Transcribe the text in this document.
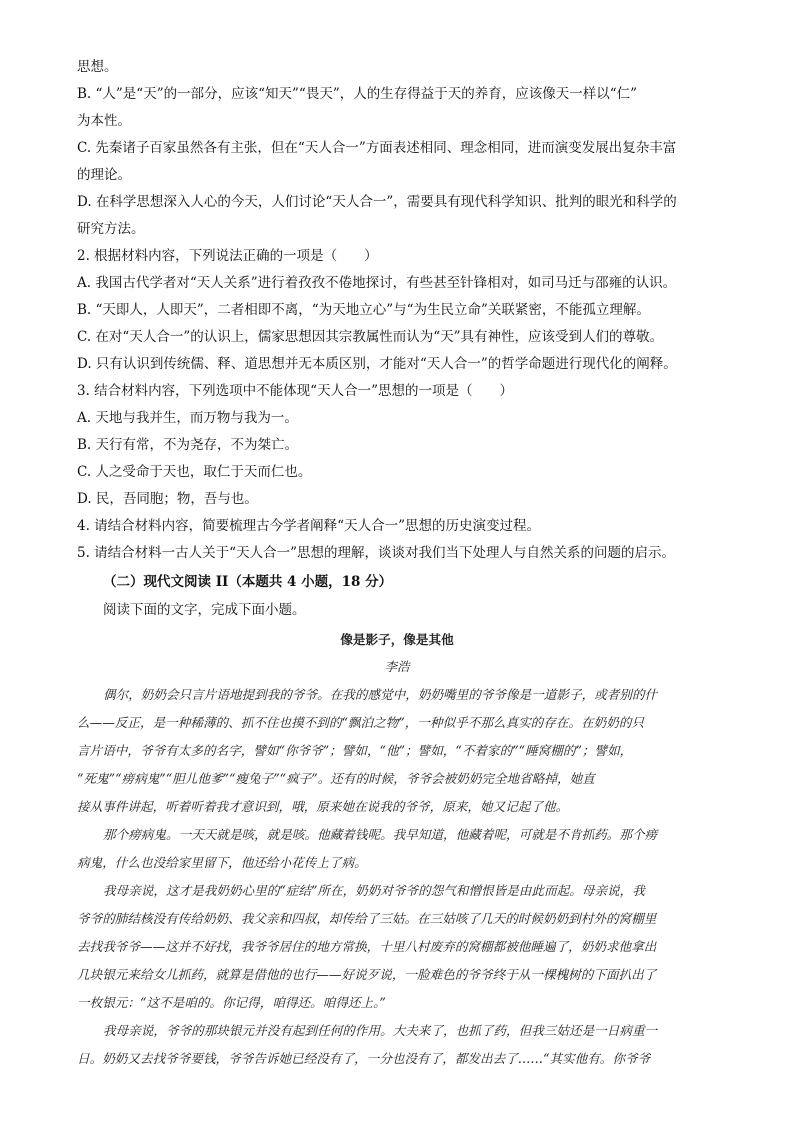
思想。
B. “人”是“天”的一部分，应该“知天”“畏天”，人的生存得益于天的养育，应该像天一样以“仁”
为本性。
C. 先秦诸子百家虽然各有主张，但在“天人合一”方面表述相同、理念相同，进而演变发展出复杂丰富
的理论。
D. 在科学思想深入人心的今天，人们讨论“天人合一”，需要具有现代科学知识、批判的眼光和科学的
研究方法。
2. 根据材料内容，下列说法正确的一项是（　　）
A. 我国古代学者对“天人关系”进行着孜孜不倦地探讨，有些甚至针锋相对，如司马迁与邵雍的认识。
B. “天即人，人即天”，二者相即不离，“为天地立心”与“为生民立命”关联紧密，不能孤立理解。
C. 在对“天人合一”的认识上，儒家思想因其宗教属性而认为“天”具有神性，应该受到人们的尊敬。
D. 只有认识到传统儒、释、道思想并无本质区别，才能对“天人合一”的哲学命题进行现代化的阐释。
3. 结合材料内容，下列选项中不能体现“天人合一”思想的一项是（　　）
A. 天地与我并生，而万物与我为一。
B. 天行有常，不为尧存，不为桀亡。
C. 人之受命于天也，取仁于天而仁也。
D. 民，吾同胞；物，吾与也。
4. 请结合材料内容，简要梳理古今学者阐释“天人合一”思想的历史演变过程。
5. 请结合材料一古人关于“天人合一”思想的理解，谈谈对我们当下处理人与自然关系的问题的启示。
（二）现代文阅读 II（本题共 4 小题，18 分）
阅读下面的文字，完成下面小题。
像是影子，像是其他
李浩
偶尔，奶奶会只言片语地提到我的爷爷。在我的感觉中，奶奶嘴里的爷爷像是一道影子，或者别的什
么——反正，是一种稀薄的、抓不住也摸不到的“飘泊之物”，一种似乎不那么真实的存在。在奶奶的只
言片语中，爷爷有太多的名字，譬如“你爷爷”；譬如，“他”；譬如，“不着家的”“睡窝棚的”；譬如，
“死鬼”“痨病鬼”“胆儿他爹”“瘦兔子”“疯子”。还有的时候，爷爷会被奶奶完全地省略掉，她直
接从事件讲起，听着听着我才意识到，哦，原来她在说我的爷爷，原来，她又记起了他。
那个痨病鬼。一天天就是咳，就是咳。他藏着钱呢。我早知道，他藏着呢，可就是不肯抓药。那个痨
病鬼，什么也没给家里留下，他还给小花传上了病。
我母亲说，这才是我奶奶心里的“症结”所在，奶奶对爷爷的怨气和憎恨皆是由此而起。母亲说，我
爷爷的肺结核没有传给奶奶、我父亲和四叔，却传给了三姑。在三姑咳了几天的时候奶奶到村外的窝棚里
去找我爷爷——这并不好找，我爷爷居住的地方常换，十里八村废弃的窝棚都被他睡遍了，奶奶求他拿出
几块银元来给女儿抓药，就算是借他的也行——好说歹说，一脸难色的爷爷终于从一棵槐树的下面扒出了
一枚银元：“这不是咱的。你记得，咱得还。咱得还上。”
我母亲说，爷爷的那块银元并没有起到任何的作用。大夫来了，也抓了药，但我三姑还是一日病重一
日。奶奶又去找爷爷要钱，爷爷告诉她已经没有了，一分也没有了，都发出去了……“其实他有。你爷爷
